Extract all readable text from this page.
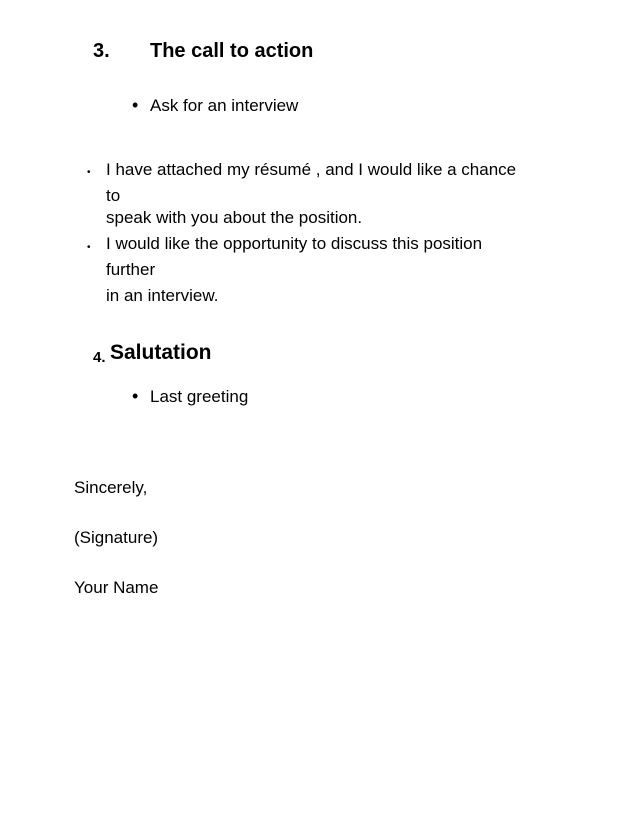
3. The call to action
• Ask for an interview
• I have attached my résumé , and I would like a chance
to
speak with you about the position.
• I would like the opportunity to discuss this position
further
in an interview.
4. Salutation
• Last greeting
Sincerely,
(Signature)
Your Name
